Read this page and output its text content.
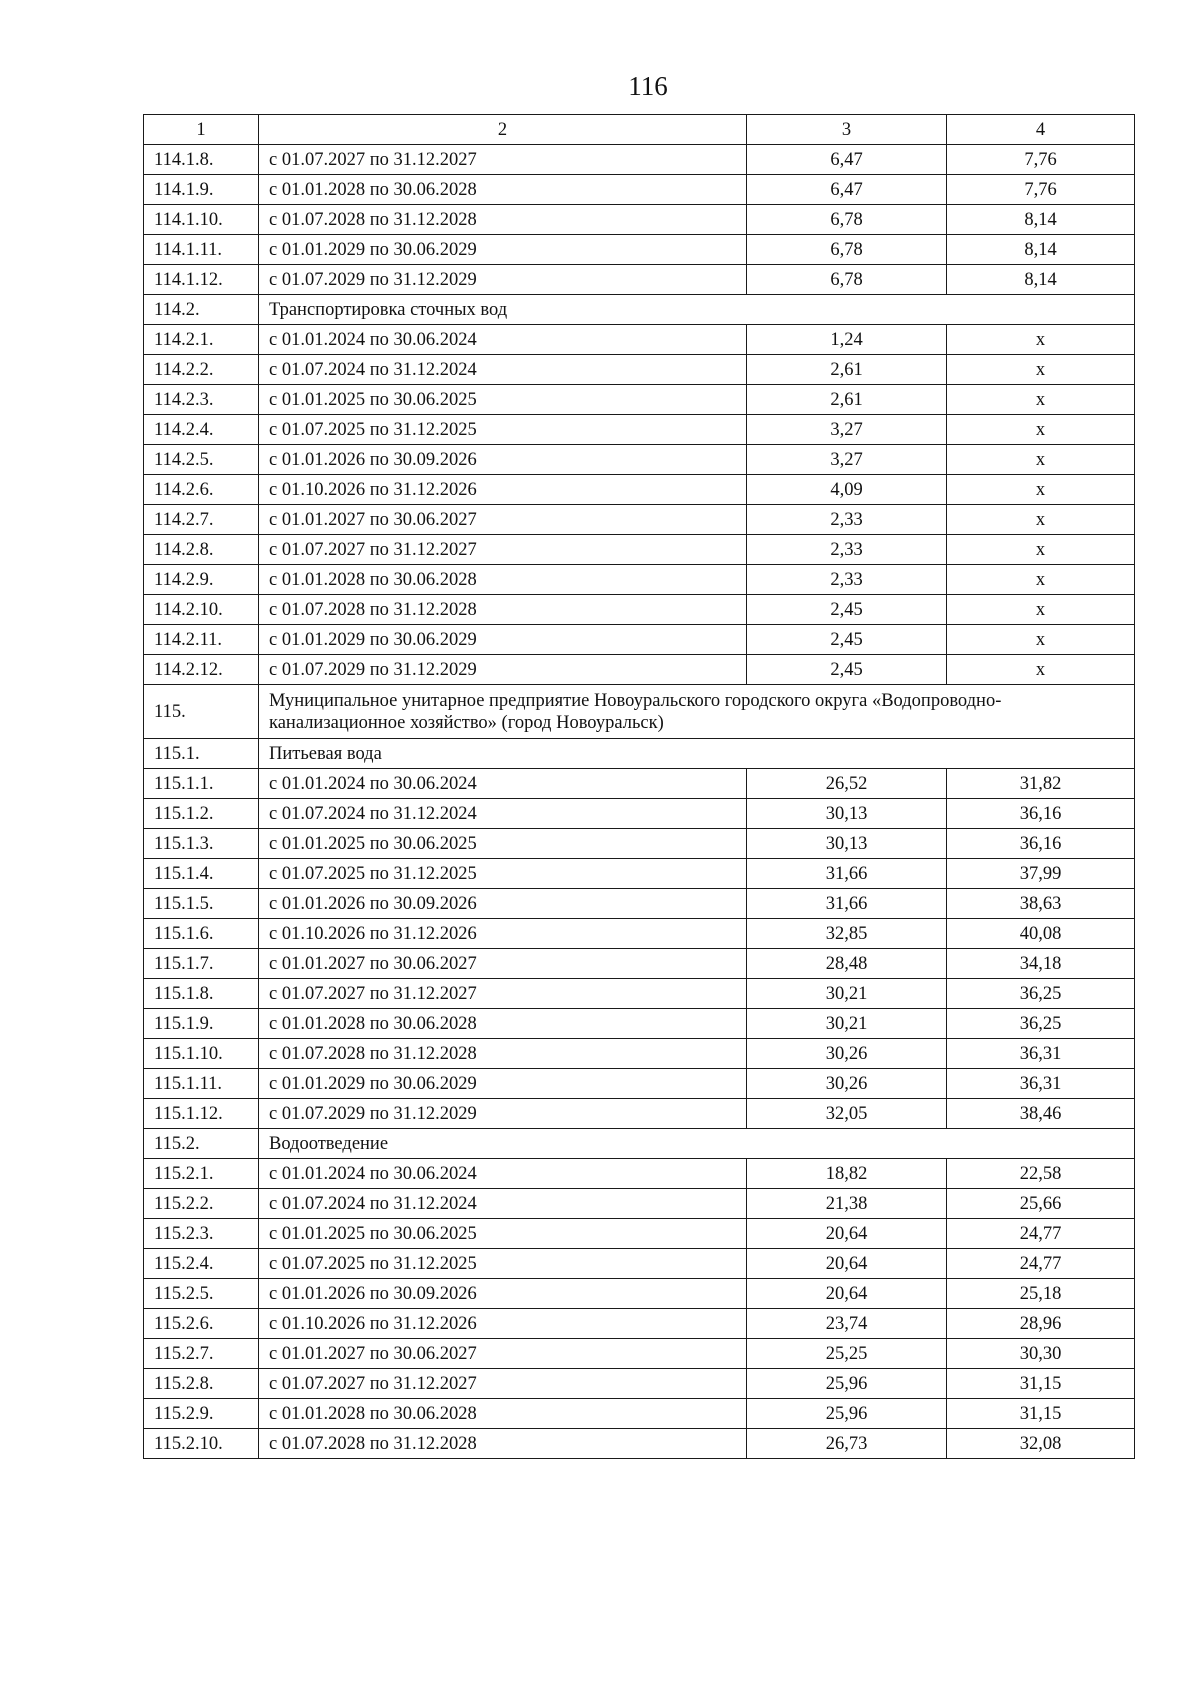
116
1	2	3	4
114.1.8.	с 01.07.2027 по 31.12.2027	6,47	7,76
114.1.9.	с 01.01.2028 по 30.06.2028	6,47	7,76
114.1.10.	с 01.07.2028 по 31.12.2028	6,78	8,14
114.1.11.	с 01.01.2029 по 30.06.2029	6,78	8,14
114.1.12.	с 01.07.2029 по 31.12.2029	6,78	8,14
114.2.	Транспортировка сточных вод		
114.2.1.	с 01.01.2024 по 30.06.2024	1,24	x
114.2.2.	с 01.07.2024 по 31.12.2024	2,61	x
114.2.3.	с 01.01.2025 по 30.06.2025	2,61	x
114.2.4.	с 01.07.2025 по 31.12.2025	3,27	x
114.2.5.	с 01.01.2026 по 30.09.2026	3,27	x
114.2.6.	с 01.10.2026 по 31.12.2026	4,09	x
114.2.7.	с 01.01.2027 по 30.06.2027	2,33	x
114.2.8.	с 01.07.2027 по 31.12.2027	2,33	x
114.2.9.	с 01.01.2028 по 30.06.2028	2,33	x
114.2.10.	с 01.07.2028 по 31.12.2028	2,45	x
114.2.11.	с 01.01.2029 по 30.06.2029	2,45	x
114.2.12.	с 01.07.2029 по 31.12.2029	2,45	x
115.	Муниципальное унитарное предприятие Новоуральского городского округа «Водопроводно-канализационное хозяйство» (город Новоуральск)		
115.1.	Питьевая вода		
115.1.1.	с 01.01.2024 по 30.06.2024	26,52	31,82
115.1.2.	с 01.07.2024 по 31.12.2024	30,13	36,16
115.1.3.	с 01.01.2025 по 30.06.2025	30,13	36,16
115.1.4.	с 01.07.2025 по 31.12.2025	31,66	37,99
115.1.5.	с 01.01.2026 по 30.09.2026	31,66	38,63
115.1.6.	с 01.10.2026 по 31.12.2026	32,85	40,08
115.1.7.	с 01.01.2027 по 30.06.2027	28,48	34,18
115.1.8.	с 01.07.2027 по 31.12.2027	30,21	36,25
115.1.9.	с 01.01.2028 по 30.06.2028	30,21	36,25
115.1.10.	с 01.07.2028 по 31.12.2028	30,26	36,31
115.1.11.	с 01.01.2029 по 30.06.2029	30,26	36,31
115.1.12.	с 01.07.2029 по 31.12.2029	32,05	38,46
115.2.	Водоотведение		
115.2.1.	с 01.01.2024 по 30.06.2024	18,82	22,58
115.2.2.	с 01.07.2024 по 31.12.2024	21,38	25,66
115.2.3.	с 01.01.2025 по 30.06.2025	20,64	24,77
115.2.4.	с 01.07.2025 по 31.12.2025	20,64	24,77
115.2.5.	с 01.01.2026 по 30.09.2026	20,64	25,18
115.2.6.	с 01.10.2026 по 31.12.2026	23,74	28,96
115.2.7.	с 01.01.2027 по 30.06.2027	25,25	30,30
115.2.8.	с 01.07.2027 по 31.12.2027	25,96	31,15
115.2.9.	с 01.01.2028 по 30.06.2028	25,96	31,15
115.2.10.	с 01.07.2028 по 31.12.2028	26,73	32,08
